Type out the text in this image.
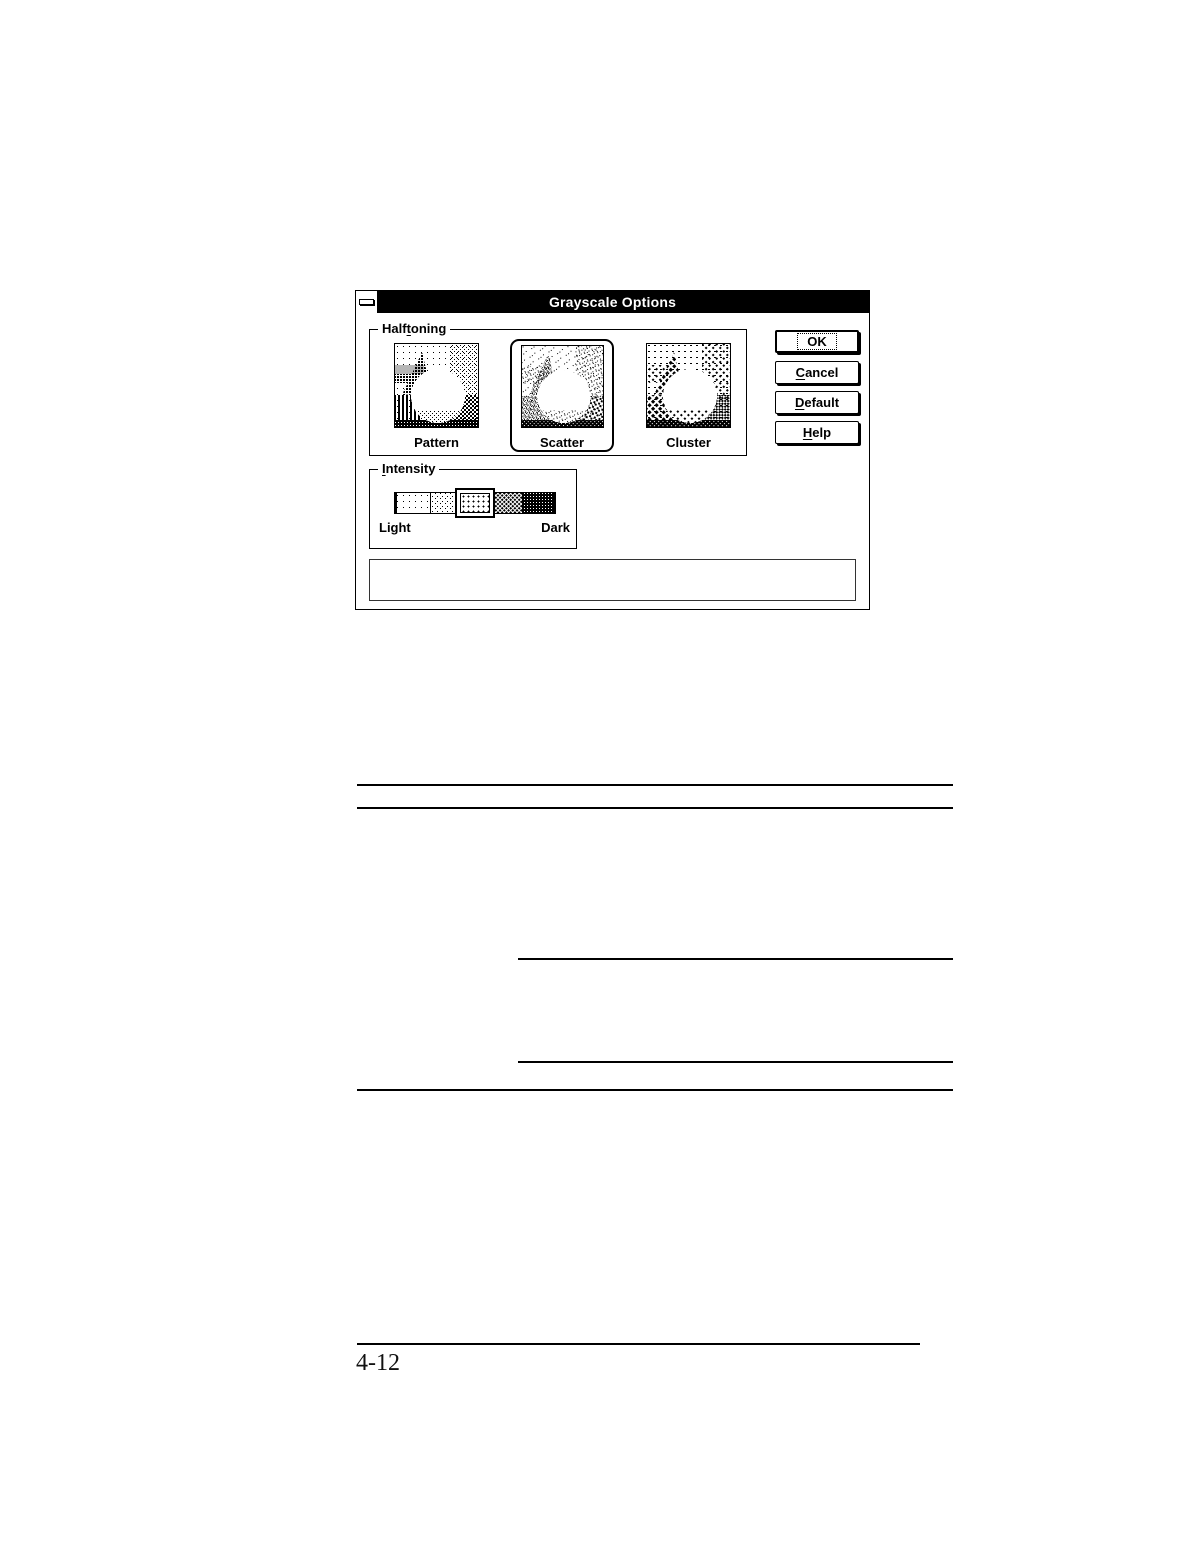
Grayscale Options
Halftoning
Pattern	Scatter	Cluster
OK
Cancel
Default
Help
Intensity
Light	Dark
4-12
